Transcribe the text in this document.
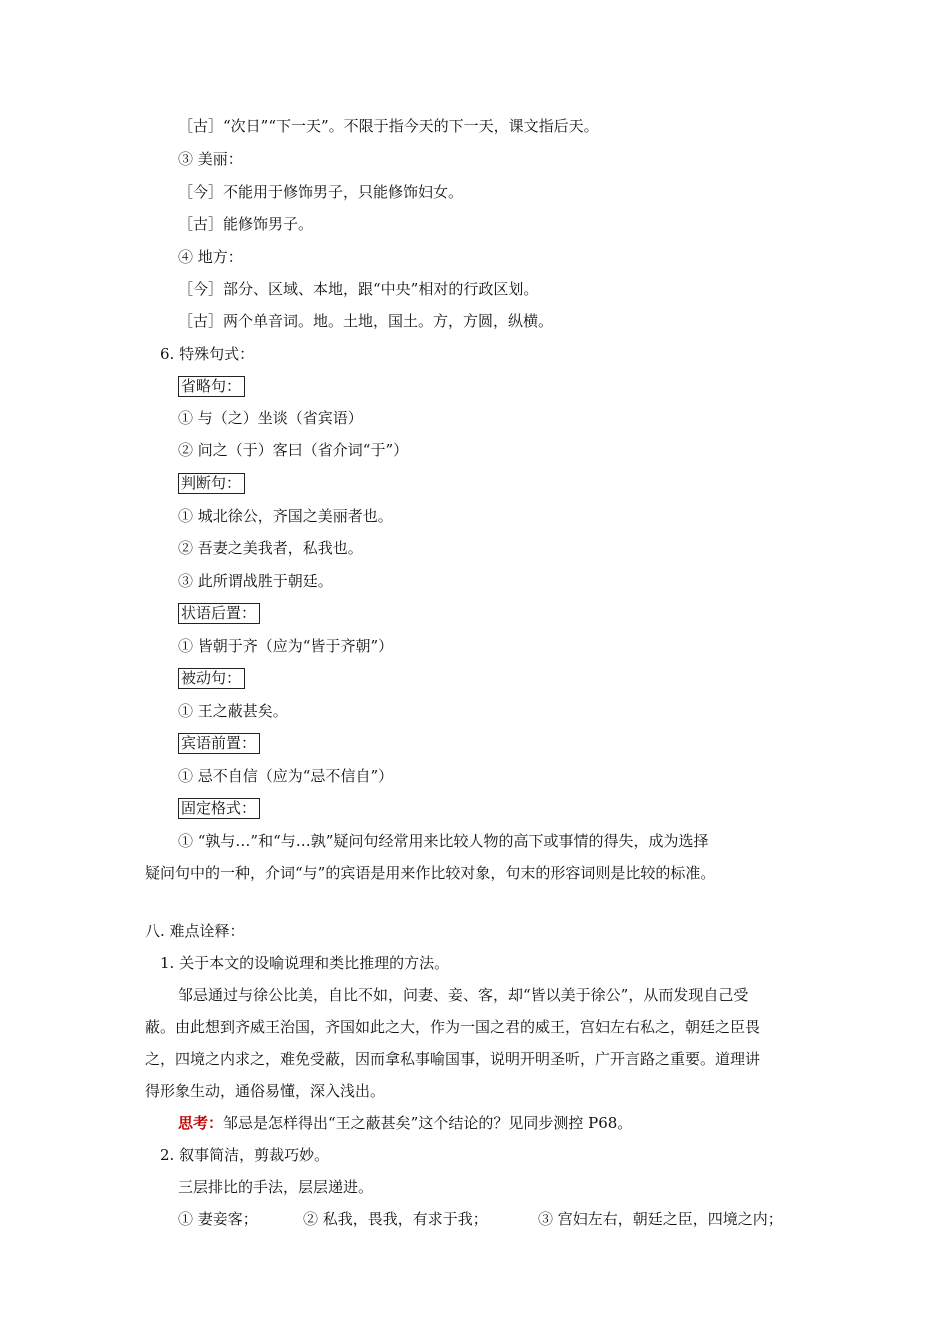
［古］“次日”“下一天”。不限于指今天的下一天，课文指后天。
③ 美丽：
［今］不能用于修饰男子，只能修饰妇女。
［古］能修饰男子。
④ 地方：
［今］部分、区域、本地，跟“中央”相对的行政区划。
［古］两个单音词。地。土地，国土。方，方圆，纵横。
6. 特殊句式：
省略句：
① 与（之）坐谈（省宾语）
② 问之（于）客曰（省介词“于”）
判断句：
① 城北徐公，齐国之美丽者也。
② 吾妻之美我者，私我也。
③ 此所谓战胜于朝廷。
状语后置：
① 皆朝于齐（应为“皆于齐朝”）
被动句：
① 王之蔽甚矣。
宾语前置：
① 忌不自信（应为“忌不信自”）
固定格式：
① “孰与…”和“与…孰”疑问句经常用来比较人物的高下或事情的得失，成为选择
疑问句中的一种，介词“与”的宾语是用来作比较对象，句末的形容词则是比较的标准。
八. 难点诠释：
1. 关于本文的设喻说理和类比推理的方法。
邹忌通过与徐公比美，自比不如，问妻、妾、客，却“皆以美于徐公”，从而发现自己受
蔽。由此想到齐威王治国，齐国如此之大，作为一国之君的威王，宫妇左右私之，朝廷之臣畏
之，四境之内求之，难免受蔽，因而拿私事喻国事，说明开明圣听，广开言路之重要。道理讲
得形象生动，通俗易懂，深入浅出。
思考：邹忌是怎样得出“王之蔽甚矣”这个结论的？见同步测控 P68。
2. 叙事简洁，剪裁巧妙。
三层排比的手法，层层递进。
① 妻妾客；	② 私我，畏我，有求于我；	③ 宫妇左右，朝廷之臣，四境之内；
